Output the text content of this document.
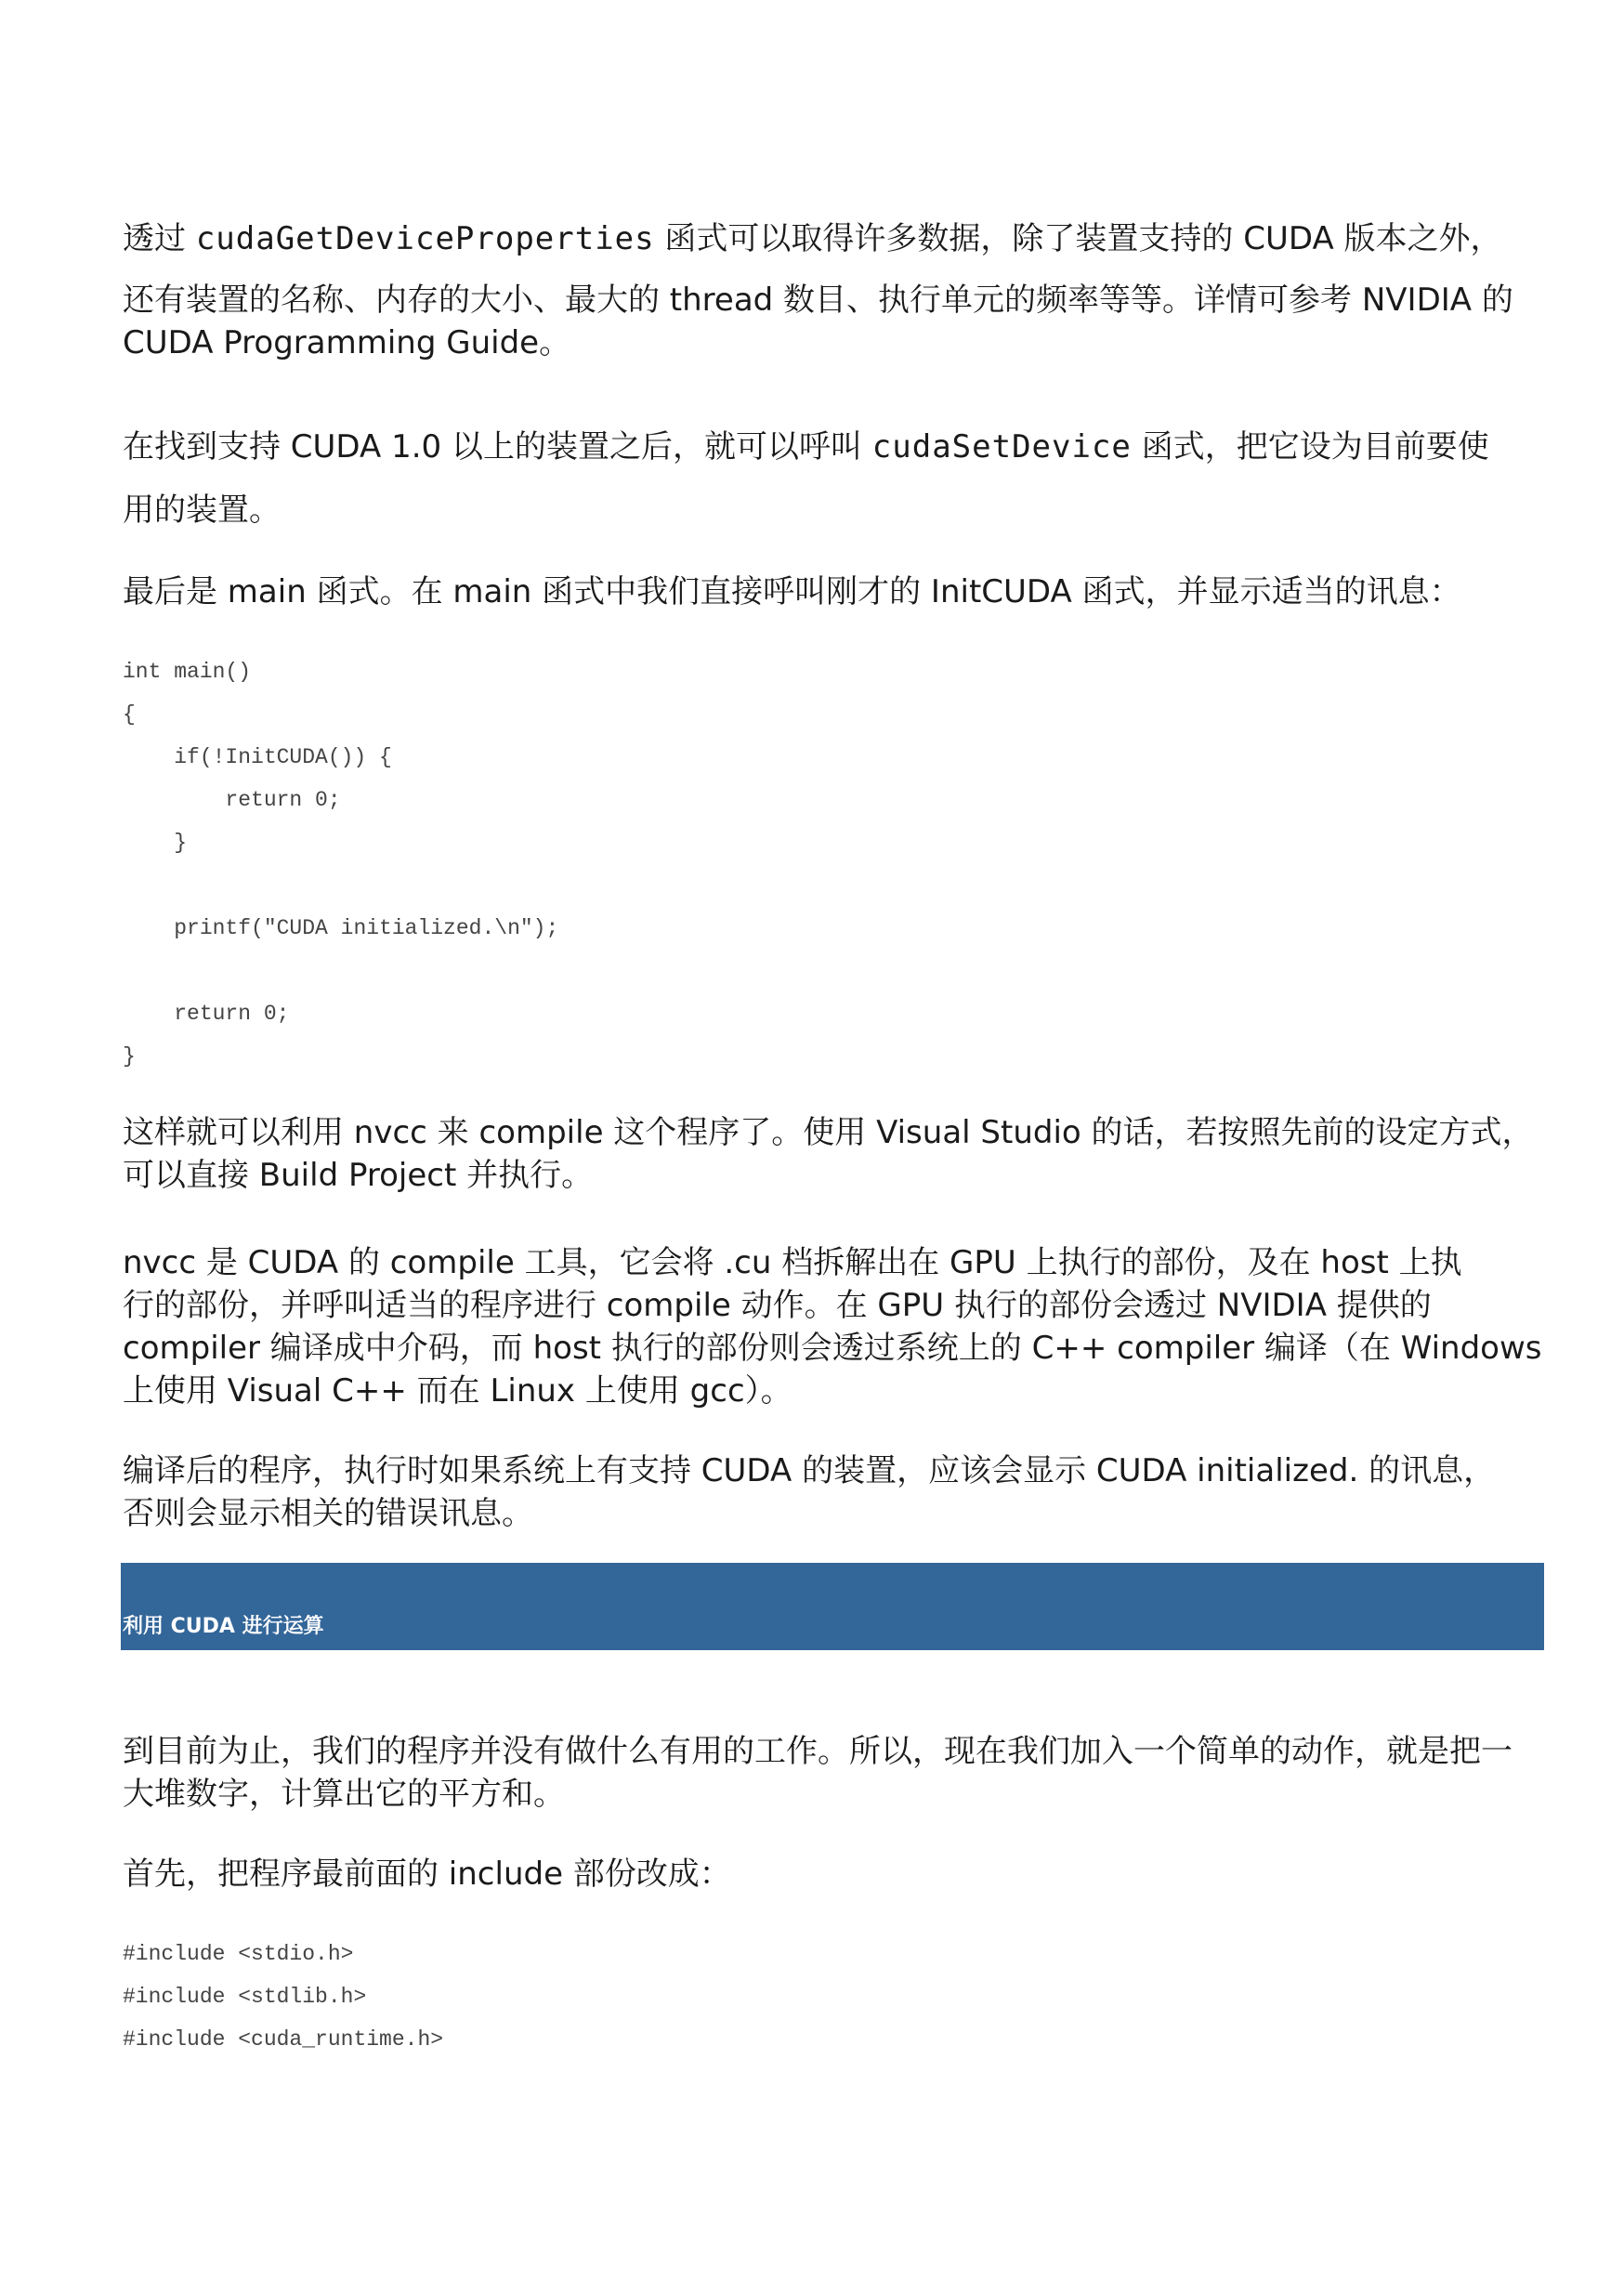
透过 cudaGetDeviceProperties 函式可以取得许多数据，除了装置支持的 CUDA 版本之外，

还有装置的名称、内存的大小、最大的 thread 数目、执行单元的频率等等。详情可参考 NVIDIA 的
CUDA Programming Guide。

在找到支持 CUDA 1.0 以上的装置之后，就可以呼叫 cudaSetDevice 函式，把它设为目前要使

用的装置。

最后是 main 函式。在 main 函式中我们直接呼叫刚才的 InitCUDA 函式，并显示适当的讯息：

int main()
{
if(!InitCUDA()) {
return 0;
}
printf("CUDA initialized.\n");
return 0;
}

这样就可以利用 nvcc 来 compile 这个程序了。使用 Visual Studio 的话，若按照先前的设定方式，
可以直接 Build Project 并执行。

nvcc 是 CUDA 的 compile 工具，它会将 .cu 档拆解出在 GPU 上执行的部份，及在 host 上执
行的部份，并呼叫适当的程序进行 compile 动作。在 GPU 执行的部份会透过 NVIDIA 提供的
compiler 编译成中介码，而 host 执行的部份则会透过系统上的 C++ compiler 编译（在 Windows
上使用 Visual C++ 而在 Linux 上使用 gcc）。

编译后的程序，执行时如果系统上有支持 CUDA 的装置，应该会显示 CUDA initialized. 的讯息，
否则会显示相关的错误讯息。

利用 CUDA 进行运算

到目前为止，我们的程序并没有做什么有用的工作。所以，现在我们加入一个简单的动作，就是把一
大堆数字，计算出它的平方和。

首先，把程序最前面的 include 部份改成：

#include <stdio.h>
#include <stdlib.h>
#include <cuda_runtime.h>
